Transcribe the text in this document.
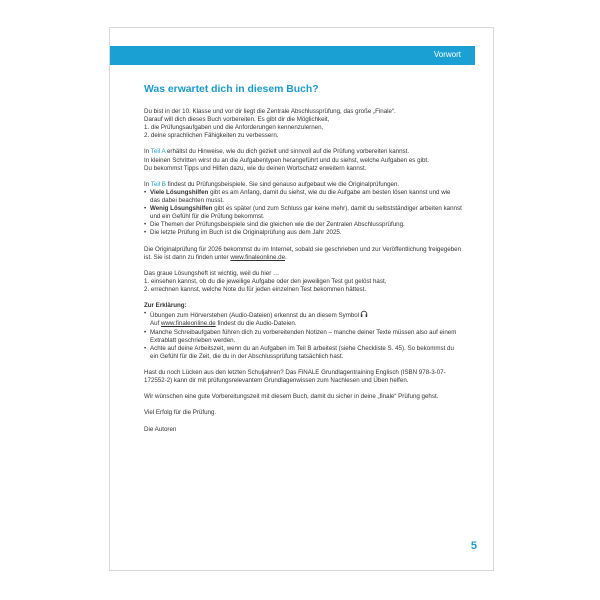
Vorwort
Was erwartet dich in diesem Buch?

Du bist in der 10. Klasse und vor dir liegt die Zentrale Abschlussprüfung, das große „Finale“.
Darauf will dich dieses Buch vorbereiten. Es gibt dir die Möglichkeit,
1. die Prüfungsaufgaben und die Anforderungen kennenzulernen,
2. deine sprachlichen Fähigkeiten zu verbessern.

In Teil A erhältst du Hinweise, wie du dich gezielt und sinnvoll auf die Prüfung vorbereiten kannst.
In kleinen Schritten wirst du an die Aufgabentypen herangeführt und du siehst, welche Aufgaben es gibt.
Du bekommst Tipps und Hilfen dazu, wie du deinen Wortschatz erweitern kannst.

In Teil B findest du Prüfungsbeispiele. Sie sind genauso aufgebaut wie die Originalprüfungen.
• Viele Lösungshilfen gibt es am Anfang, damit du siehst, wie du die Aufgabe am besten lösen kannst und wie das dabei beachten musst.
• Wenig Lösungshilfen gibt es später (und zum Schluss gar keine mehr), damit du selbstständiger arbeiten kannst und ein Gefühl für die Prüfung bekommst.
• Die Themen der Prüfungsbeispiele sind die gleichen wie die der Zentralen Abschlussprüfung.
• Die letzte Prüfung im Buch ist die Originalprüfung aus dem Jahr 2025.

Die Originalprüfung für 2026 bekommst du im Internet, sobald sie geschrieben und zur Veröffentlichung freigegeben ist. Sie ist dann zu finden unter www.finaleonline.de.

Das graue Lösungsheft ist wichtig, weil du hier …
1. einsehen kannst, ob du die jeweilige Aufgabe oder den jeweiligen Test gut gelöst hast,
2. errechnen kannst, welche Note du für jeden einzelnen Test bekommen hättest.

Zur Erklärung:
• Übungen zum Hörverstehen (Audio-Dateien) erkennst du an diesem Symbol
Auf www.finaleonline.de findest du die Audio-Dateien.
• Manche Schreibaufgaben führen dich zu vorbereitenden Notizen – manche deiner Texte müssen also auf einem Extrablatt geschrieben werden.
• Achte auf deine Arbeitszeit, wenn du an Aufgaben im Teil B arbeitest (siehe Checkliste S. 45). So bekommst du ein Gefühl für die Zeit, die du in der Abschlussprüfung tatsächlich hast.

Hast du noch Lücken aus den letzten Schuljahren? Das FiNALE Grundlagentraining Englisch (ISBN 978-3-07-172552-2) kann dir mit prüfungsrelevantem Grundlagenwissen zum Nachlesen und Üben helfen.

Wir wünschen eine gute Vorbereitungszeit mit diesem Buch, damit du sicher in deine „finale“ Prüfung gehst.

Viel Erfolg für die Prüfung.

Die Autoren

5
